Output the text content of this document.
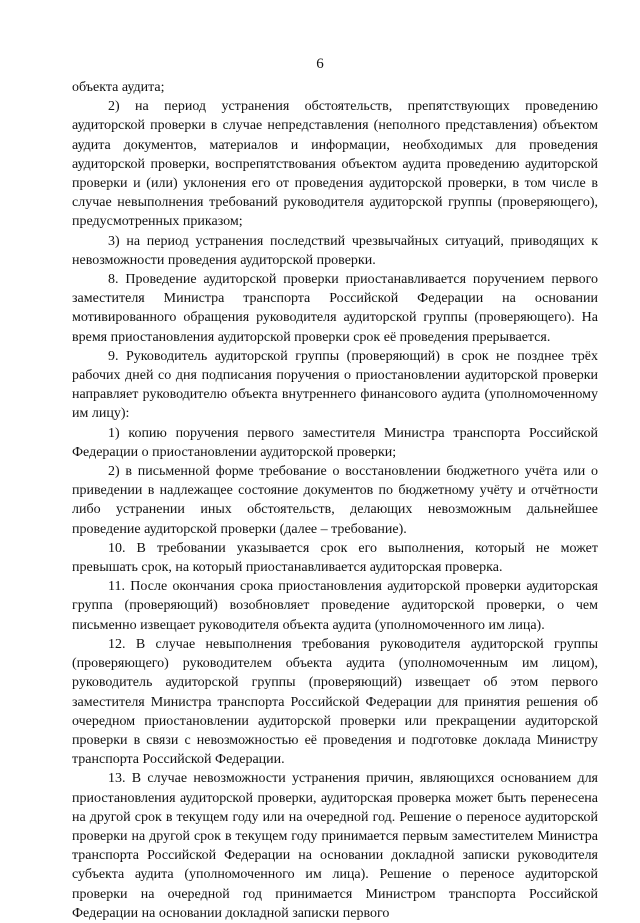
6

объекта аудита;

2) на период устранения обстоятельств, препятствующих проведению аудиторской проверки в случае непредставления (неполного представления) объектом аудита документов, материалов и информации, необходимых для проведения аудиторской проверки, воспрепятствования объектом аудита проведению аудиторской проверки и (или) уклонения его от проведения аудиторской проверки, в том числе в случае невыполнения требований руководителя аудиторской группы (проверяющего), предусмотренных приказом;

3) на период устранения последствий чрезвычайных ситуаций, приводящих к невозможности проведения аудиторской проверки.

8. Проведение аудиторской проверки приостанавливается поручением первого заместителя Министра транспорта Российской Федерации на основании мотивированного обращения руководителя аудиторской группы (проверяющего). На время приостановления аудиторской проверки срок её проведения прерывается.

9. Руководитель аудиторской группы (проверяющий) в срок не позднее трёх рабочих дней со дня подписания поручения о приостановлении аудиторской проверки направляет руководителю объекта внутреннего финансового аудита (уполномоченному им лицу):

1) копию поручения первого заместителя Министра транспорта Российской Федерации о приостановлении аудиторской проверки;

2) в письменной форме требование о восстановлении бюджетного учёта или о приведении в надлежащее состояние документов по бюджетному учёту и отчётности либо устранении иных обстоятельств, делающих невозможным дальнейшее проведение аудиторской проверки (далее – требование).

10. В требовании указывается срок его выполнения, который не может превышать срок, на который приостанавливается аудиторская проверка.

11. После окончания срока приостановления аудиторской проверки аудиторская группа (проверяющий) возобновляет проведение аудиторской проверки, о чем письменно извещает руководителя объекта аудита (уполномоченного им лица).

12. В случае невыполнения требования руководителя аудиторской группы (проверяющего) руководителем объекта аудита (уполномоченным им лицом), руководитель аудиторской группы (проверяющий) извещает об этом первого заместителя Министра транспорта Российской Федерации для принятия решения об очередном приостановлении аудиторской проверки или прекращении аудиторской проверки в связи с невозможностью её проведения и подготовке доклада Министру транспорта Российской Федерации.

13. В случае невозможности устранения причин, являющихся основанием для приостановления аудиторской проверки, аудиторская проверка может быть перенесена на другой срок в текущем году или на очередной год. Решение о переносе аудиторской проверки на другой срок в текущем году принимается первым заместителем Министра транспорта Российской Федерации на основании докладной записки руководителя субъекта аудита (уполномоченного им лица). Решение о переносе аудиторской проверки на очередной год принимается Министром транспорта Российской Федерации на основании докладной записки первого
